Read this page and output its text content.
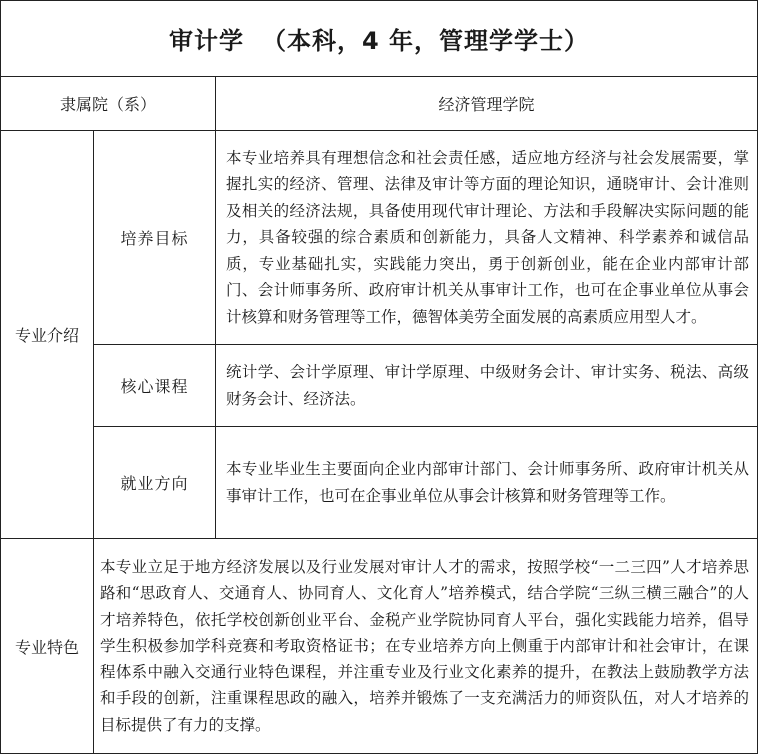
审计学 （本科，4 年，管理学学士）		
隶属院（系）		经济管理学院
专业介绍	培养目标	本专业培养具有理想信念和社会责任感，适应地方经济与社会发展需要，掌握扎实的经济、管理、法律及审计等方面的理论知识，通晓审计、会计准则及相关的经济法规，具备使用现代审计理论、方法和手段解决实际问题的能力，具备较强的综合素质和创新能力，具备人文精神、科学素养和诚信品质，专业基础扎实，实践能力突出，勇于创新创业，能在企业内部审计部门、会计师事务所、政府审计机关从事审计工作，也可在企事业单位从事会计核算和财务管理等工作，德智体美劳全面发展的高素质应用型人才。
	核心课程	统计学、会计学原理、审计学原理、中级财务会计、审计实务、税法、高级财务会计、经济法。
	就业方向	本专业毕业生主要面向企业内部审计部门、会计师事务所、政府审计机关从事审计工作，也可在企事业单位从事会计核算和财务管理等工作。
专业特色	本专业立足于地方经济发展以及行业发展对审计人才的需求，按照学校“一二三四”人才培养思路和“思政育人、交通育人、协同育人、文化育人”培养模式，结合学院“三纵三横三融合”的人才培养特色，依托学校创新创业平台、金税产业学院协同育人平台，强化实践能力培养，倡导学生积极参加学科竞赛和考取资格证书；在专业培养方向上侧重于内部审计和社会审计，在课程体系中融入交通行业特色课程，并注重专业及行业文化素养的提升，在教法上鼓励教学方法和手段的创新，注重课程思政的融入，培养并锻炼了一支充满活力的师资队伍，对人才培养的目标提供了有力的支撑。	
